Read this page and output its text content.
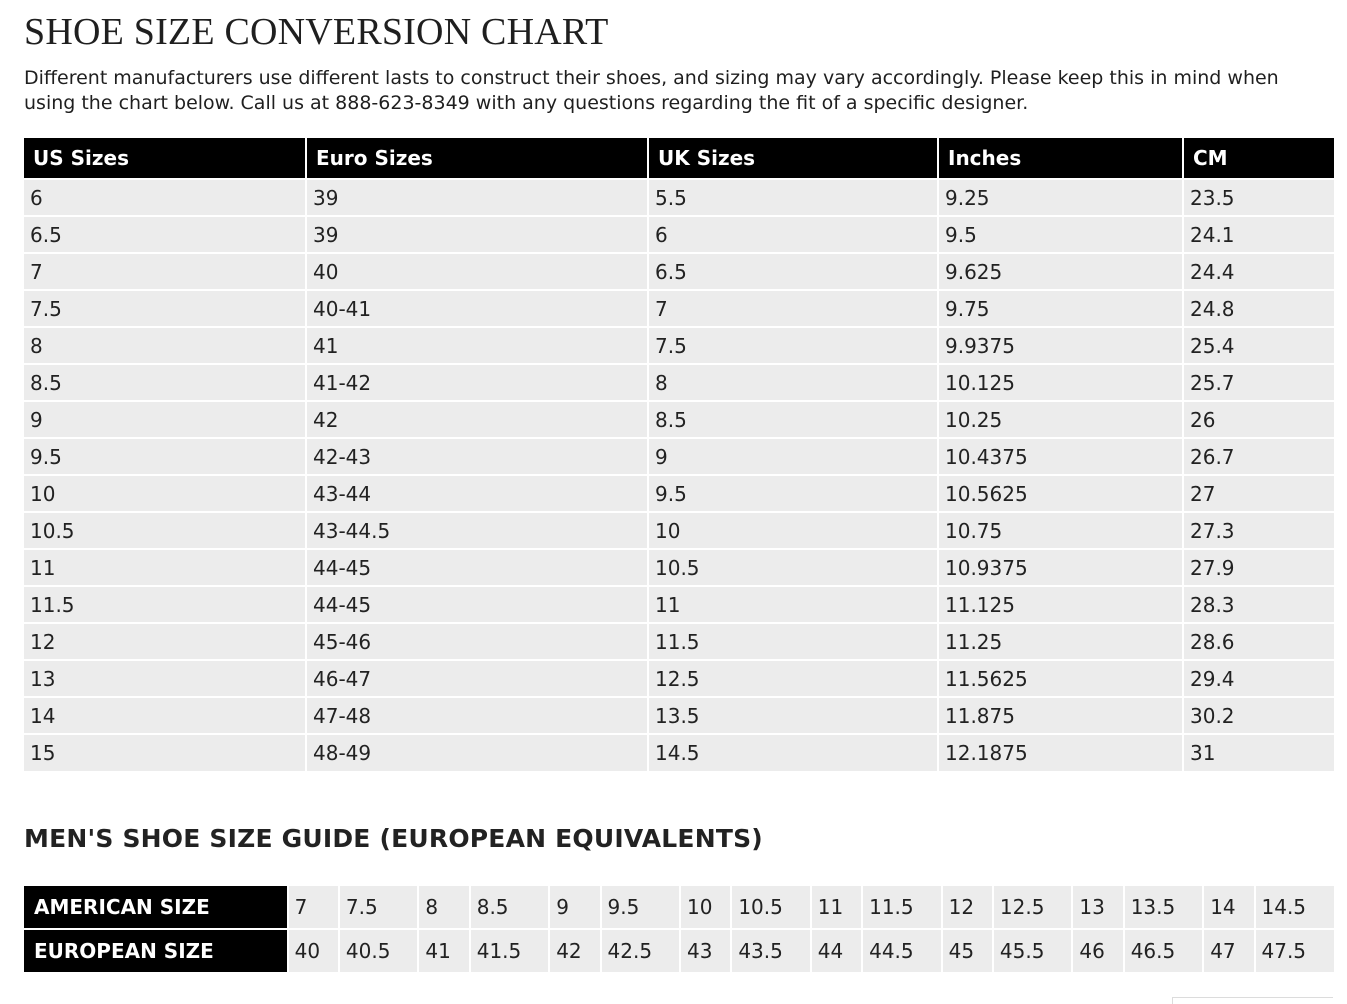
SHOE SIZE CONVERSION CHART

Different manufacturers use different lasts to construct their shoes, and sizing may vary accordingly. Please keep this in mind when using the chart below. Call us at 888-623-8349 with any questions regarding the fit of a specific designer.

US Sizes	Euro Sizes	UK Sizes	Inches	CM
6	39	5.5	9.25	23.5
6.5	39	6	9.5	24.1
7	40	6.5	9.625	24.4
7.5	40-41	7	9.75	24.8
8	41	7.5	9.9375	25.4
8.5	41-42	8	10.125	25.7
9	42	8.5	10.25	26
9.5	42-43	9	10.4375	26.7
10	43-44	9.5	10.5625	27
10.5	43-44.5	10	10.75	27.3
11	44-45	10.5	10.9375	27.9
11.5	44-45	11	11.125	28.3
12	45-46	11.5	11.25	28.6
13	46-47	12.5	11.5625	29.4
14	47-48	13.5	11.875	30.2
15	48-49	14.5	12.1875	31
MEN'S SHOE SIZE GUIDE (EUROPEAN EQUIVALENTS)
AMERICAN SIZE	7	7.5	8	8.5	9	9.5	10	10.5	11	11.5	12	12.5	13	13.5	14	14.5
EUROPEAN SIZE	40	40.5	41	41.5	42	42.5	43	43.5	44	44.5	45	45.5	46	46.5	47	47.5
